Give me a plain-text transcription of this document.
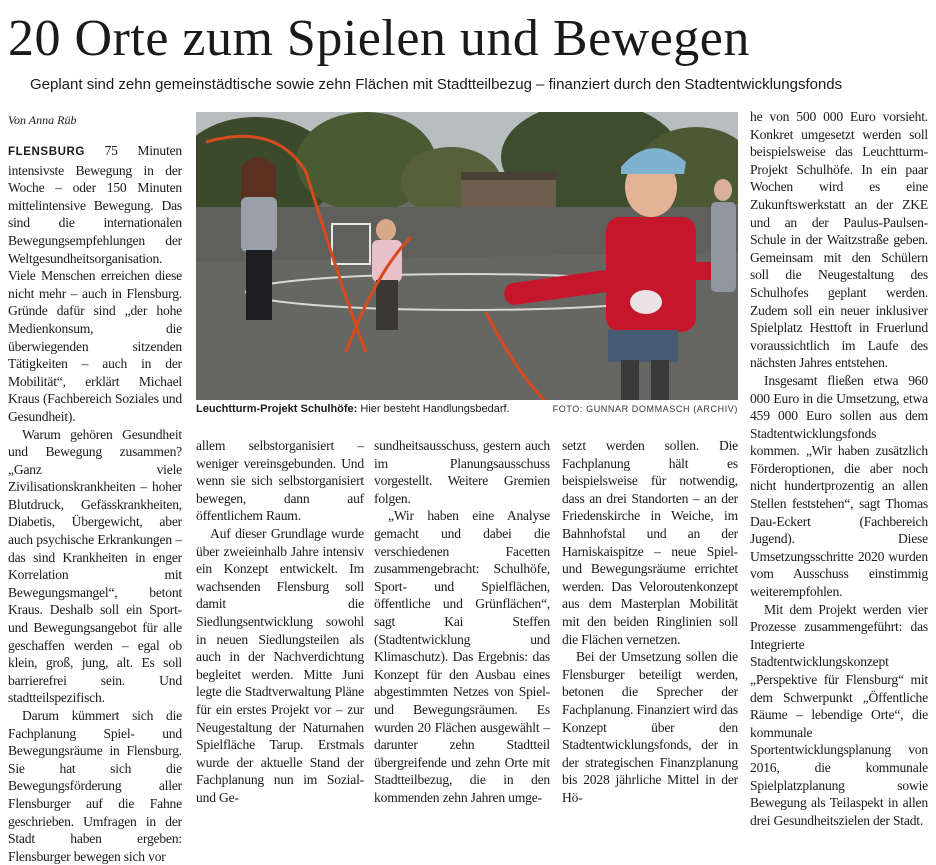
20 Orte zum Spielen und Bewegen
Geplant sind zehn gemeinstädtische sowie zehn Flächen mit Stadtteilbezug – finanziert durch den Stadtentwicklungsfonds
Von Anna Rüb
Leuchtturm-Projekt Schulhöfe: Hier besteht Handlungsbedarf.	FOTO: GUNNAR DOMMASCH (ARCHIV)

FLENSBURG 75 Minuten intensivste Bewegung in der Woche – oder 150 Minuten mittelintensive Bewegung. Das sind die internationalen Bewegungsempfehlungen der Weltgesundheitsorganisation. Viele Menschen erreichen diese nicht mehr – auch in Flensburg. Gründe dafür sind „der hohe Medienkonsum, die überwiegenden sitzenden Tätigkeiten – auch in der Mobilität“, erklärt Michael Kraus (Fachbereich Soziales und Gesundheit).

Warum gehören Gesundheit und Bewegung zusammen? „Ganz viele Zivilisationskrankheiten – hoher Blutdruck, Gefässkrankheiten, Diabetis, Übergewicht, aber auch psychische Erkrankungen – das sind Krankheiten in enger Korrelation mit Bewegungsmangel“, betont Kraus. Deshalb soll ein Sport- und Bewegungsangebot für alle geschaffen werden – egal ob klein, groß, jung, alt. Es soll barrierefrei sein. Und stadtteilspezifisch.

Darum kümmert sich die Fachplanung Spiel- und Bewegungsräume in Flensburg. Sie hat sich die Bewegungsförderung aller Flensburger auf die Fahne geschrieben. Umfragen in der Stadt haben ergeben: Flensburger bewegen sich vor

allem selbstorganisiert – weniger vereinsgebunden. Und wenn sie sich selbstorganisiert bewegen, dann auf öffentlichem Raum.

Auf dieser Grundlage wurde über zweieinhalb Jahre intensiv ein Konzept entwickelt. Im wachsenden Flensburg soll damit die Siedlungsentwicklung sowohl in neuen Siedlungsteilen als auch in der Nachverdichtung begleitet werden. Mitte Juni legte die Stadtverwaltung Pläne für ein erstes Projekt vor – zur Neugestaltung der Naturnahen Spielfläche Tarup. Erstmals wurde der aktuelle Stand der Fachplanung nun im Sozial- und Ge-

sundheitsausschuss, gestern auch im Planungsausschuss vorgestellt. Weitere Gremien folgen.

„Wir haben eine Analyse gemacht und dabei die verschiedenen Facetten zusammengebracht: Schulhöfe, Sport- und Spielflächen, öffentliche und Grünflächen“, sagt Kai Steffen (Stadtentwicklung und Klimaschutz). Das Ergebnis: das Konzept für den Ausbau eines abgestimmten Netzes von Spiel- und Bewegungsräumen. Es wurden 20 Flächen ausgewählt – darunter zehn Stadtteil übergreifende und zehn Orte mit Stadtteilbezug, die in den kommenden zehn Jahren umge-

setzt werden sollen. Die Fachplanung hält es beispielsweise für notwendig, dass an drei Standorten – an der Friedenskirche in Weiche, im Bahnhofstal und an der Harniskaispitze – neue Spiel- und Bewegungsräume errichtet werden. Das Veloroutenkonzept aus dem Masterplan Mobilität mit den beiden Ringlinien soll die Flächen vernetzen.

Bei der Umsetzung sollen die Flensburger beteiligt werden, betonen die Sprecher der Fachplanung. Finanziert wird das Konzept über den Stadtentwicklungsfonds, der in der strategischen Finanzplanung bis 2028 jährliche Mittel in der Hö-

he von 500 000 Euro vorsieht. Konkret umgesetzt werden soll beispielsweise das Leuchtturm-Projekt Schulhöfe. In ein paar Wochen wird es eine Zukunftswerkstatt an der ZKE und an der Paulus-Paulsen-Schule in der Waitzstraße geben. Gemeinsam mit den Schülern soll die Neugestaltung des Schulhofes geplant werden. Zudem soll ein neuer inklusiver Spielplatz Hesttoft in Fruerlund voraussichtlich im Laufe des nächsten Jahres entstehen.

Insgesamt fließen etwa 960 000 Euro in die Umsetzung, etwa 459 000 Euro sollen aus dem Stadtentwicklungsfonds kommen. „Wir haben zusätzlich Förderoptionen, die aber noch nicht hundertprozentig an allen Stellen feststehen“, sagt Thomas Dau-Eckert (Fachbereich Jugend). Diese Umsetzungsschritte 2020 wurden vom Ausschuss einstimmig weiterempfohlen.

Mit dem Projekt werden vier Prozesse zusammengeführt: das Integrierte Stadtentwicklungskonzept „Perspektive für Flensburg“ mit dem Schwerpunkt „Öffentliche Räume – lebendige Orte“, die kommunale Sportentwicklungsplanung von 2016, die kommunale Spielplatzplanung sowie Bewegung als Teilaspekt in allen drei Gesundheitszielen der Stadt.
